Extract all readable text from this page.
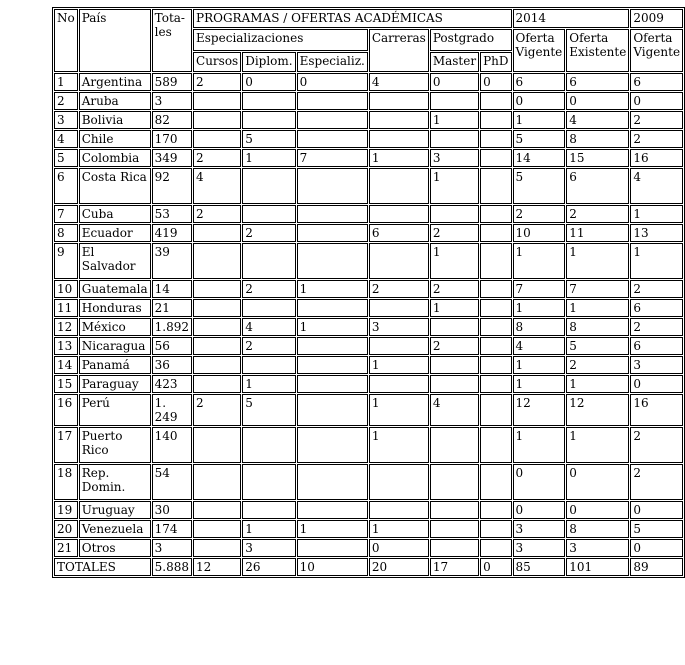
No	País	Tota-les	PROGRAMAS / OFERTAS ACADÉMICAS						2014		2009
			Especializaciones			Carreras	Postgrado		Oferta Vigente	Oferta Existente	Oferta Vigente
			Cursos	Diplom.	Especializ.		Master	PhD			
1	Argentina	589	2	0	0	4	0	0	6	6	6
2	Aruba	3							0	0	0
3	Bolivia	82					1		1	4	2
4	Chile	170		5					5	8	2
5	Colombia	349	2	1	7	1	3		14	15	16
6	Costa Rica	92	4				1		5	6	4
7	Cuba	53	2						2	2	1
8	Ecuador	419		2		6	2		10	11	13
9	El Salvador	39					1		1	1	1
10	Guatemala	14		2	1	2	2		7	7	2
11	Honduras	21					1		1	1	6
12	México	1.892		4	1	3			8	8	2
13	Nicaragua	56		2			2		4	5	6
14	Panamá	36				1			1	2	3
15	Paraguay	423		1					1	1	0
16	Perú	1. 249	2	5		1	4		12	12	16
17	Puerto Rico	140				1			1	1	2
18	Rep. Domin.	54							0	0	2
19	Uruguay	30							0	0	0
20	Venezuela	174		1	1	1			3	8	5
21	Otros	3		3		0			3	3	0
TOTALES		5.888	12	26	10	20	17	0	85	101	89
